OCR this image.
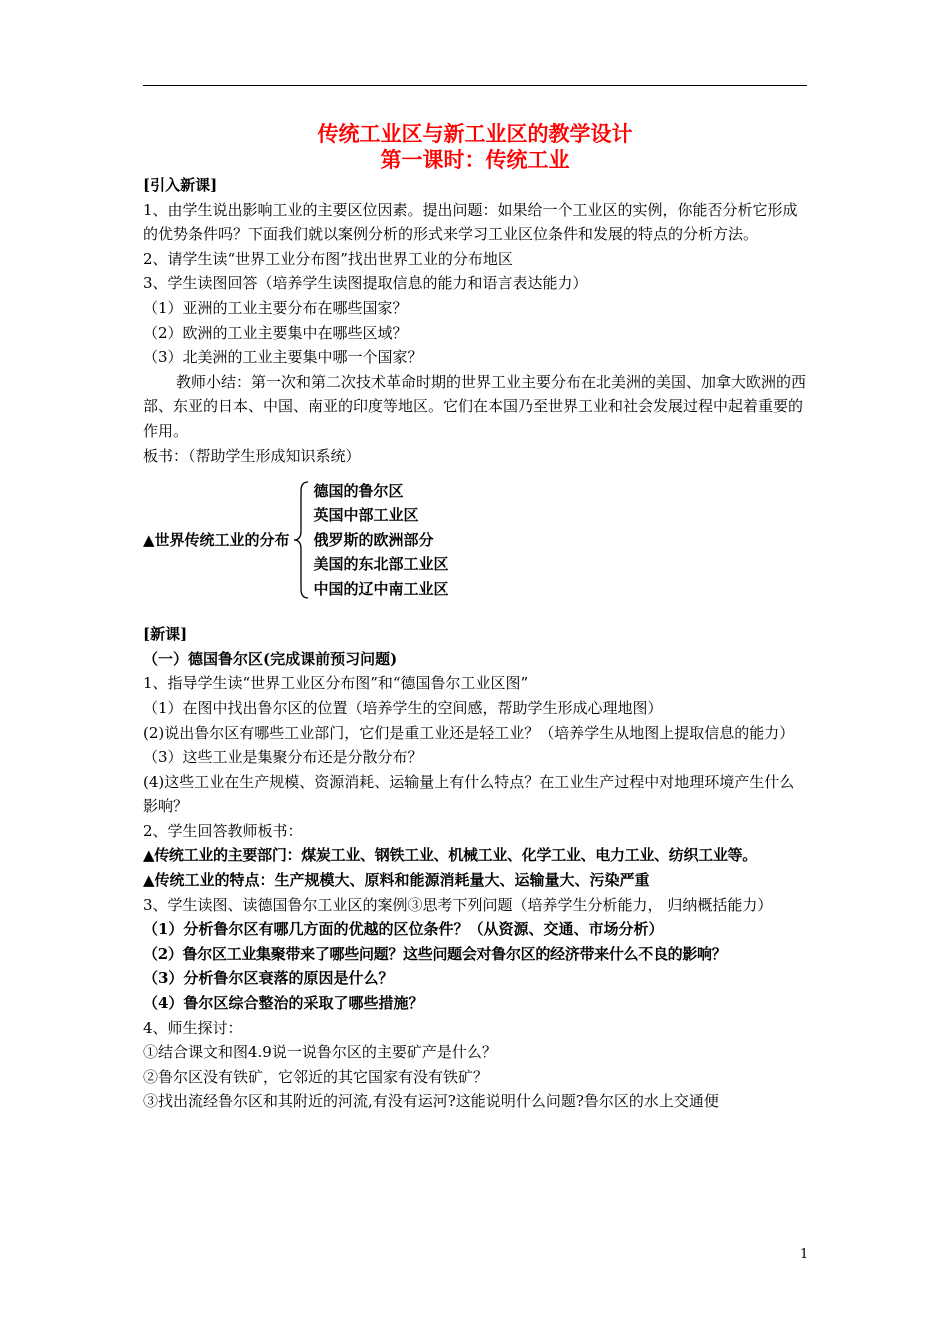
传统工业区与新工业区的教学设计
第一课时：传统工业

[引入新课]

1、由学生说出影响工业的主要区位因素。提出问题：如果给一个工业区的实例，你能否分析它形成的优势条件吗？下面我们就以案例分析的形式来学习工业区位条件和发展的特点的分析方法。

2、请学生读“世界工业分布图”找出世界工业的分布地区

3、学生读图回答（培养学生读图提取信息的能力和语言表达能力）

（1）亚洲的工业主要分布在哪些国家？

（2）欧洲的工业主要集中在哪些区域？

（3）北美洲的工业主要集中哪一个国家？

教师小结：第一次和第二次技术革命时期的世界工业主要分布在北美洲的美国、加拿大欧洲的西部、东亚的日本、中国、南亚的印度等地区。它们在本国乃至世界工业和社会发展过程中起着重要的作用。

板书：（帮助学生形成知识系统）

▲世界传统工业的分布

德国的鲁尔区

英国中部工业区

俄罗斯的欧洲部分

美国的东北部工业区

中国的辽中南工业区

[新课]

（一）德国鲁尔区(完成课前预习问题)

1、指导学生读“世界工业区分布图”和“德国鲁尔工业区图”

（1）在图中找出鲁尔区的位置（培养学生的空间感，帮助学生形成心理地图）

(2)说出鲁尔区有哪些工业部门，它们是重工业还是轻工业？（培养学生从地图上提取信息的能力）

（3）这些工业是集聚分布还是分散分布？

(4)这些工业在生产规模、资源消耗、运输量上有什么特点？在工业生产过程中对地理环境产生什么影响？

2、学生回答教师板书：

▲传统工业的主要部门：煤炭工业、钢铁工业、机械工业、化学工业、电力工业、纺织工业等。

▲传统工业的特点：生产规模大、原料和能源消耗量大、运输量大、污染严重

3、学生读图、读德国鲁尔工业区的案例③思考下列问题（培养学生分析能力， 归纳概括能力）

（1）分析鲁尔区有哪几方面的优越的区位条件？（从资源、交通、市场分析）

（2）鲁尔区工业集聚带来了哪些问题？这些问题会对鲁尔区的经济带来什么不良的影响？

（3）分析鲁尔区衰落的原因是什么？

（4）鲁尔区综合整治的采取了哪些措施？

4、师生探讨：

①结合课文和图4.9说一说鲁尔区的主要矿产是什么？

②鲁尔区没有铁矿，它邻近的其它国家有没有铁矿？

③找出流经鲁尔区和其附近的河流,有没有运河?这能说明什么问题?鲁尔区的水上交通便

1
